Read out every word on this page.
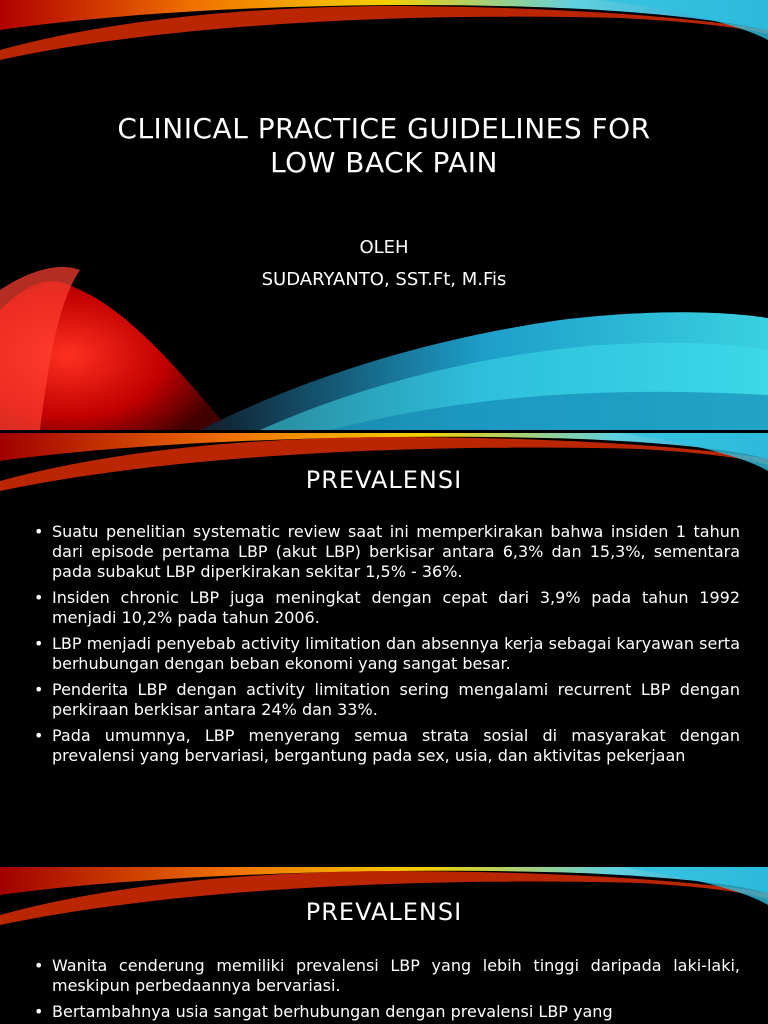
CLINICAL PRACTICE GUIDELINES FOR
LOW BACK PAIN
OLEH
SUDARYANTO, SST.Ft, M.Fis
PREVALENSI
• Suatu penelitian systematic review saat ini memperkirakan bahwa insiden 1 tahun dari episode pertama LBP (akut LBP) berkisar antara 6,3% dan 15,3%, sementara pada subakut LBP diperkirakan sekitar 1,5% - 36%.
• Insiden chronic LBP juga meningkat dengan cepat dari 3,9% pada tahun 1992 menjadi 10,2% pada tahun 2006.
• LBP menjadi penyebab activity limitation dan absennya kerja sebagai karyawan serta berhubungan dengan beban ekonomi yang sangat besar.
• Penderita LBP dengan activity limitation sering mengalami recurrent LBP dengan perkiraan berkisar antara 24% dan 33%.
• Pada umumnya, LBP menyerang semua strata sosial di masyarakat dengan prevalensi yang bervariasi, bergantung pada sex, usia, dan aktivitas pekerjaan
PREVALENSI
• Wanita cenderung memiliki prevalensi LBP yang lebih tinggi daripada laki-laki, meskipun perbedaannya bervariasi.
• Bertambahnya usia sangat berhubungan dengan prevalensi LBP yang
